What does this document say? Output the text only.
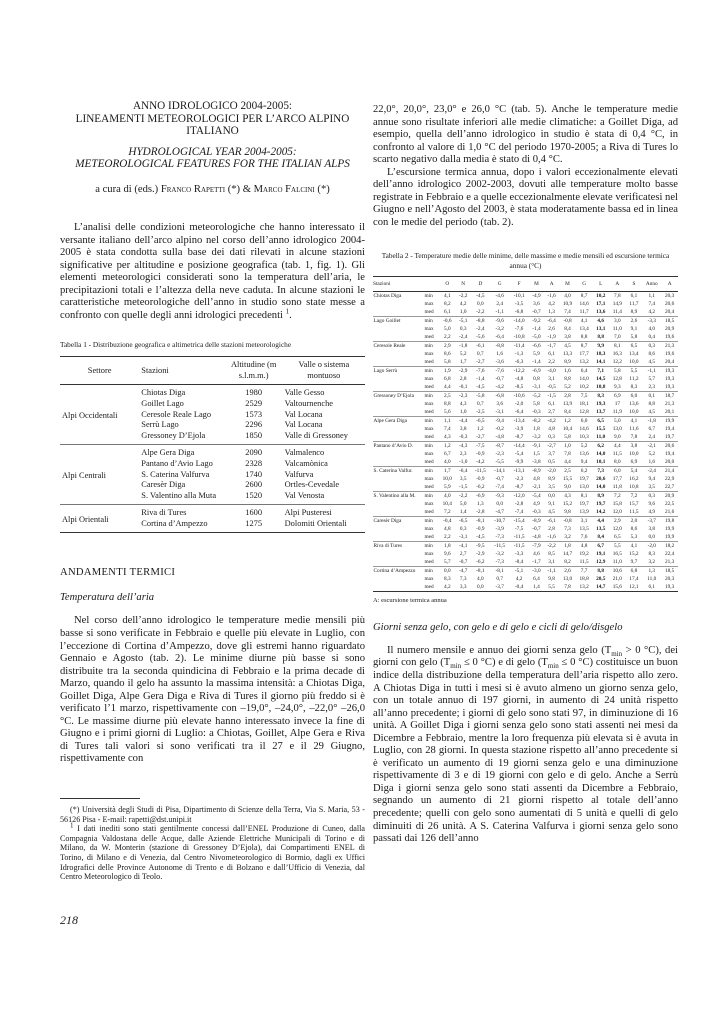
ANNO IDROLOGICO 2004-2005:
LINEAMENTI METEOROLOGICI PER L’ARCO ALPINO
ITALIANO
HYDROLOGICAL YEAR 2004-2005:
METEOROLOGICAL FEATURES FOR THE ITALIAN ALPS
a cura di (eds.) Franco Rapetti (*) & Marco Falcini (*)

L’analisi delle condizioni meteorologiche che hanno interessato il versante italiano dell’arco alpino nel corso dell’anno idrologico 2004-2005 è stata condotta sulla base dei dati rilevati in alcune stazioni significative per altitudine e posizione geografica (tab. 1, fig. 1). Gli elementi meteorologici considerati sono la temperatura dell’aria, le precipitazioni totali e l’altezza della neve caduta. In alcune stazioni le caratteristiche meteorologiche dell’anno in studio sono state messe a confronto con quelle degli anni idrologici precedenti $^1$.

Tabella 1 - Distribuzione geografica e altimetrica delle stazioni meteorologiche
Settore	Stazioni	Altitudine (m s.l.m.m.)	Valle o sistema montuoso
Alpi Occidentali	Chiotas Diga	1980	Valle Gesso
	Goillet Lago	2529	Valtournenche
	Ceresole Reale Lago	1573	Val Locana
	Serrù Lago	2296	Val Locana
	Gressoney D’Ejola	1850	Valle di Gressoney
Alpi Centrali	Alpe Gera Diga	2090	Valmalenco
	Pantano d’Avio Lago	2328	Valcamònica
	S. Caterina Valfurva	1740	Valfurva
	Caresèr Diga	2600	Ortles-Cevedale
	S. Valentino alla Muta	1520	Val Venosta
Alpi Orientali	Riva di Tures	1600	Alpi Pusteresi
	Cortina d’Ampezzo	1275	Dolomiti Orientali
ANDAMENTI TERMICI
Temperatura dell’aria

Nel corso dell’anno idrologico le temperature medie mensili più basse si sono verificate in Febbraio e quelle più elevate in Luglio, con l’eccezione di Cortina d’Ampezzo, dove gli estremi hanno riguardato Gennaio e Agosto (tab. 2). Le minime diurne più basse si sono distribuite tra la seconda quindicina di Febbraio e la prima decade di Marzo, quando il gelo ha assunto la massima intensità: a Chiotas Diga, Goillet Diga, Alpe Gera Diga e Riva di Tures il giorno più freddo si è verificato l’1 marzo, rispettivamente con –19,0°, –24,0°, –22,0° –26,0 °C. Le massime diurne più elevate hanno interessato invece la fine di Giugno e i primi giorni di Luglio: a Chiotas, Goillet, Alpe Gera e Riva di Tures tali valori si sono verificati tra il 27 e il 29 Giugno, rispettivamente con

(*) Università degli Studi di Pisa, Dipartimento di Scienze della Terra, Via S. Maria, 53 - 56126 Pisa - E-mail: rapetti@dst.unipi.it

1 I dati inediti sono stati gentilmente concessi dall’ENEL Produzione di Cuneo, dalla Compagnia Valdostana delle Acque, dalle Aziende Elettriche Municipali di Torino e di Milano, da W. Monterin (stazione di Gressoney D’Ejola), dai Compartimenti ENEL di Torino, di Milano e di Venezia, dal Centro Nivometeorologico di Bormio, dagli ex Uffici Idrografici delle Province Autonome di Trento e di Bolzano e dall’Ufficio di Venezia, dal Centro Meteorologico di Teolo.

218

22,0°, 20,0°, 23,0° e 26,0 °C (tab. 5). Anche le temperature medie annue sono risultate inferiori alle medie climatiche: a Goillet Diga, ad esempio, quella dell’anno idrologico in studio è stata di 0,4 °C, in confronto al valore di 1,0 °C del periodo 1970-2005; a Riva di Tures lo scarto negativo dalla media è stato di 0,4 °C.

L’escursione termica annua, dopo i valori eccezionalmente elevati dell’anno idrologico 2002-2003, dovuti alle temperature molto basse registrate in Febbraio e a quelle eccezionalmente elevate verificatesi nel Giugno e nell’Agosto del 2003, è stata moderatamente bassa ed in linea con le medie del periodo (tab. 2).

Tabella 2 - Temperature medie delle minime, delle massime e medie mensili ed escursione termica annua (°C)
Stazioni		O	N	D	G	F	M	A	M	G	L	A	S	Anno	A
Chiotas Diga	min	4,1	-2,2	-4,5	-4,6	-10,1	-4,9	-1,6	4,0	8,7	10,2	7,8	6,1	1,1	20,3
	max	8,2	4,2	0,0	2,4	-3,5	3,6	4,2	10,9	14,6	17,1	14,9	11,7	7,4	20,6
	med	6,1	1,0	-2,2	-1,1	-6,8	-0,7	1,3	7,4	11,7	13,6	11,4	8,9	4,2	20,4
Lago Goillet	min	-0,6	-5,1	-8,8	-9,6	-14,0	-9,2	-6,4	-0,8	4,1	4,6	3,0	2,6	-3,3	18,5
	max	5,0	0,3	-2,4	-3,2	-7,6	-1,4	2,6	8,4	13,4	13,1	11,0	9,1	4,0	20,9
	med	2,2	-2,4	-5,6	-6,4	-10,8	-5,0	-1,9	3,8	8,8	8,8	7,0	5,8	0,4	19,6
Ceresole Reale	min	2,9	-1,8	-6,1	-8,8	-11,4	-6,6	-1,7	4,5	8,7	9,9	8,1	6,5	0,3	21,3
	max	8,6	5,2	0,7	1,6	-1,3	5,9	6,1	13,3	17,7	18,3	16,3	13,4	8,6	19,6
	med	5,8	1,7	-2,7	-3,6	-6,3	-1,4	2,2	8,9	13,2	14,1	12,2	10,0	4,5	20,4
Lago Serrù	min	1,9	-2,9	-7,6	-7,6	-12,2	-6,9	-4,0	1,6	6,4	7,1	5,8	5,5	-1,1	19,3
	max	6,8	2,8	-1,4	-0,7	-4,8	0,8	3,1	8,8	14,0	14,5	12,8	11,2	5,7	19,3
	med	4,4	-0,1	-4,5	-4,2	-8,5	-3,1	-0,5	5,2	10,2	10,8	9,3	8,3	2,3	19,3
Gressoney D’Ejola	min	2,5	-2,3	-5,8	-6,8	-10,6	-5,2	-1,5	2,8	7,5	8,3	6,9	6,0	0,1	18,7
	max	8,8	4,3	0,7	3,6	-2,0	5,8	6,1	13,9	18,1	19,3	17	13,6	8,8	21,3
	med	5,6	1,0	-2,5	-3,1	-6,4	-0,3	2,7	8,4	12,8	13,7	11,9	10,0	4,5	20,1
Alpe Gera Diga	min	1,1	-4,4	-6,5	-9,4	-13,4	-8,2	-4,2	1,2	6,0	6,5	5,0	4,1	-1,8	19,9
	max	7,4	3,8	1,2	-0,2	-3,9	1,8	4,8	10,4	14,6	15,5	13,0	11,6	6,7	19,4
	med	4,3	-0,3	-2,7	-4,8	-8,7	-3,2	0,3	5,8	10,3	11,0	9,0	7,8	2,4	19,7
Pantano d’Avio D.	min	1,2	-4,3	-7,5	-8,7	-14,4	-9,1	-2,7	1,0	5,2	6,2	4,4	3,8	-2,1	20,6
	max	6,7	2,3	-0,9	-2,3	-5,4	1,5	3,7	7,8	13,6	14,0	11,5	10,0	5,2	19,4
	med	4,0	-1,0	-4,2	-5,5	-9,9	-3,8	0,5	4,4	9,4	10,1	8,0	6,9	1,6	20,0
S. Caterina Valfur.	min	1,7	-6,4	-11,5	-14,1	-13,1	-8,9	-2,0	2,5	6,2	7,3	6,0	5,4	-2,4	21,4
	max	10,0	3,5	-0,9	-0,7	-2,3	4,8	8,9	15,5	19,7	20,6	17,7	16,2	9,4	22,9
	med	5,9	-1,5	-6,2	-7,4	-8,7	-2,1	3,5	9,0	13,0	14,0	11,8	10,8	3,5	22,7
S. Valentino alla M.	min	4,0	-2,2	-6,9	-9,3	-12,0	-5,4	0,0	4,3	8,1	8,9	7,2	7,2	0,3	20,9
	max	10,4	5,0	1,3	0,0	-2,8	4,9	9,1	15,2	19,7	19,7	15,8	15,7	9,6	22,5
	med	7,2	1,4	-2,8	-4,7	-7,4	-0,3	4,5	9,8	13,9	14,2	12,0	11,5	4,9	21,6
Caresèr Diga	min	-0,4	-6,5	-8,1	-10,7	-15,4	-8,9	-6,1	-0,8	3,1	4,4	2,9	2,0	-3,7	19,8
	max	4,8	0,3	-0,9	-3,9	-7,5	-0,7	2,8	7,3	13,5	13,5	12,0	8,6	3,8	19,9
	med	2,2	-3,1	-4,5	-7,3	-11,5	-4,8	-1,6	3,2	7,6	8,4	6,5	5,3	0,0	19,9
Riva di Tures	min	1,8	-4,1	-9,5	-11,5	-11,5	-7,9	-2,2	1,8	4,8	6,7	5,5	4,1	-2,0	18,2
	max	9,6	2,7	-2,9	-3,2	-3,3	4,6	8,5	14,7	19,2	19,1	16,5	15,2	8,3	22,4
	med	5,7	-0,7	-6,2	-7,3	-8,4	-1,7	3,1	8,2	11,5	12,9	11,0	9,7	3,2	21,3
Cortina d’Ampezzo	min	0,0	-4,7	-8,1	-8,1	-5,1	-3,0	-1,1	2,6	7,7	8,8	10,6	6,8	1,3	18,5
	max	8,3	7,3	4,0	0,7	4,2	6,4	9,8	13,0	18,8	20,5	21,0	17,4	11,0	20,3
	med	4,2	3,3	0,0	-3,7	-0,4	1,4	5,5	7,8	13,2	14,7	15,6	12,1	6,1	19,3
A: escursione termica annua
Giorni senza gelo, con gelo e di gelo e cicli di gelo/disgelo

Il numero mensile e annuo dei giorni senza gelo ($T_{min} > 0$ °C), dei giorni con gelo ($T_{min} \le 0$ °C) e di gelo ($T_{min} \le 0$ °C) costituisce un buon indice della distribuzione della temperatura dell’aria rispetto allo zero. A Chiotas Diga in tutti i mesi si è avuto almeno un giorno senza gelo, con un totale annuo di 197 giorni, in aumento di 24 unità rispetto all’anno precedente; i giorni di gelo sono stati 97, in diminuzione di 16 unità. A Goillet Diga i giorni senza gelo sono stati assenti nei mesi da Dicembre a Febbraio, mentre la loro frequenza più elevata si è avuta in Luglio, con 28 giorni. In questa stazione rispetto all’anno precedente si è verificato un aumento di 19 giorni senza gelo e una diminuzione rispettivamente di 3 e di 19 giorni con gelo e di gelo. Anche a Serrù Diga i giorni senza gelo sono stati assenti da Dicembre a Febbraio, segnando un aumento di 21 giorni rispetto al totale dell’anno precedente; quelli con gelo sono aumentati di 5 unità e quelli di gelo diminuiti di 26 unità. A S. Caterina Valfurva i giorni senza gelo sono passati dai 126 dell’anno
